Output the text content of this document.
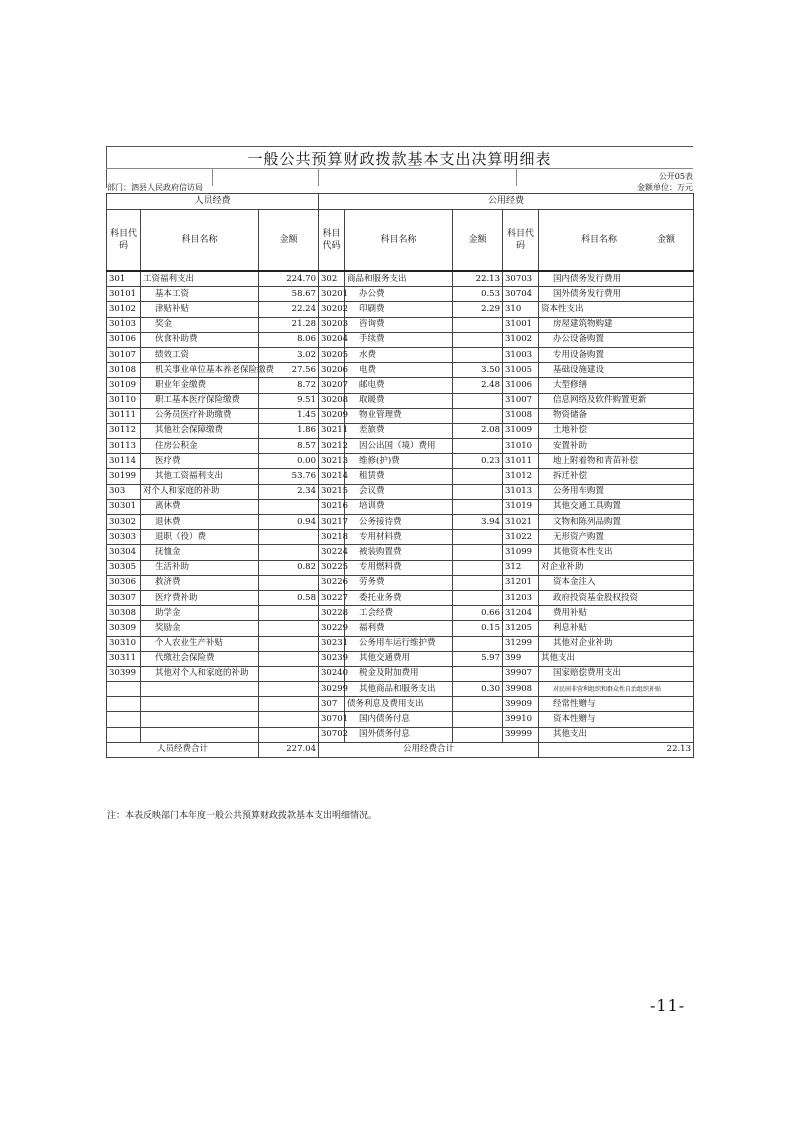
一般公共预算财政拨款基本支出决算明细表
公开05表
部门：泗县人民政府信访局	金额单位：万元
人员经费			公用经费				
科目代码	科目名称	金额	科目代码	科目名称	金额	科目代码	科目名称 金额

301	工资福利支出	224.70	302	商品和服务支出	22.13	30703	国内债务发行费用
30101	基本工资	58.67	30201	办公费	0.53	30704	国外债务发行费用
30102	津贴补贴	22.24	30202	印刷费	2.29	310	资本性支出
30103	奖金	21.28	30203	咨询费		31001	房屋建筑物购建
30106	伙食补助费	8.06	30204	手续费		31002	办公设备购置
30107	绩效工资	3.02	30205	水费		31003	专用设备购置
30108	机关事业单位基本养老保险缴费	27.56	30206	电费	3.50	31005	基础设施建设
30109	职业年金缴费	8.72	30207	邮电费	2.48	31006	大型修缮
30110	职工基本医疗保险缴费	9.51	30208	取暖费		31007	信息网络及软件购置更新
30111	公务员医疗补助缴费	1.45	30209	物业管理费		31008	物资储备
30112	其他社会保障缴费	1.86	30211	差旅费	2.08	31009	土地补偿
30113	住房公积金	8.57	30212	因公出国（境）费用		31010	安置补助
30114	医疗费	0.00	30213	维修(护)费	0.23	31011	地上附着物和青苗补偿
30199	其他工资福利支出	53.76	30214	租赁费		31012	拆迁补偿
303	对个人和家庭的补助	2.34	30215	会议费		31013	公务用车购置
30301	离休费		30216	培训费		31019	其他交通工具购置
30302	退休费	0.94	30217	公务接待费	3.94	31021	文物和陈列品购置
30303	退职（役）费		30218	专用材料费		31022	无形资产购置
30304	抚恤金		30224	被装购置费		31099	其他资本性支出
30305	生活补助	0.82	30225	专用燃料费		312	对企业补助
30306	救济费		30226	劳务费		31201	资本金注入
30307	医疗费补助	0.58	30227	委托业务费		31203	政府投资基金股权投资
30308	助学金		30228	工会经费	0.66	31204	费用补贴
30309	奖励金		30229	福利费	0.15	31205	利息补贴
30310	个人农业生产补贴		30231	公务用车运行维护费		31299	其他对企业补助
30311	代缴社会保险费		30239	其他交通费用	5.97	399	其他支出
30399	其他对个人和家庭的补助		30240	税金及附加费用		39907	国家赔偿费用支出
			30299	其他商品和服务支出	0.30	39908	对民间非营利组织和群众性自治组织补贴
			307	债务利息及费用支出		39909	经常性赠与
			30701	国内债务付息		39910	资本性赠与
			30702	国外债务付息		39999	其他支出
人员经费合计		227.04	公用经费合计				22.13
注：本表反映部门本年度一般公共预算财政拨款基本支出明细情况。
-11-
